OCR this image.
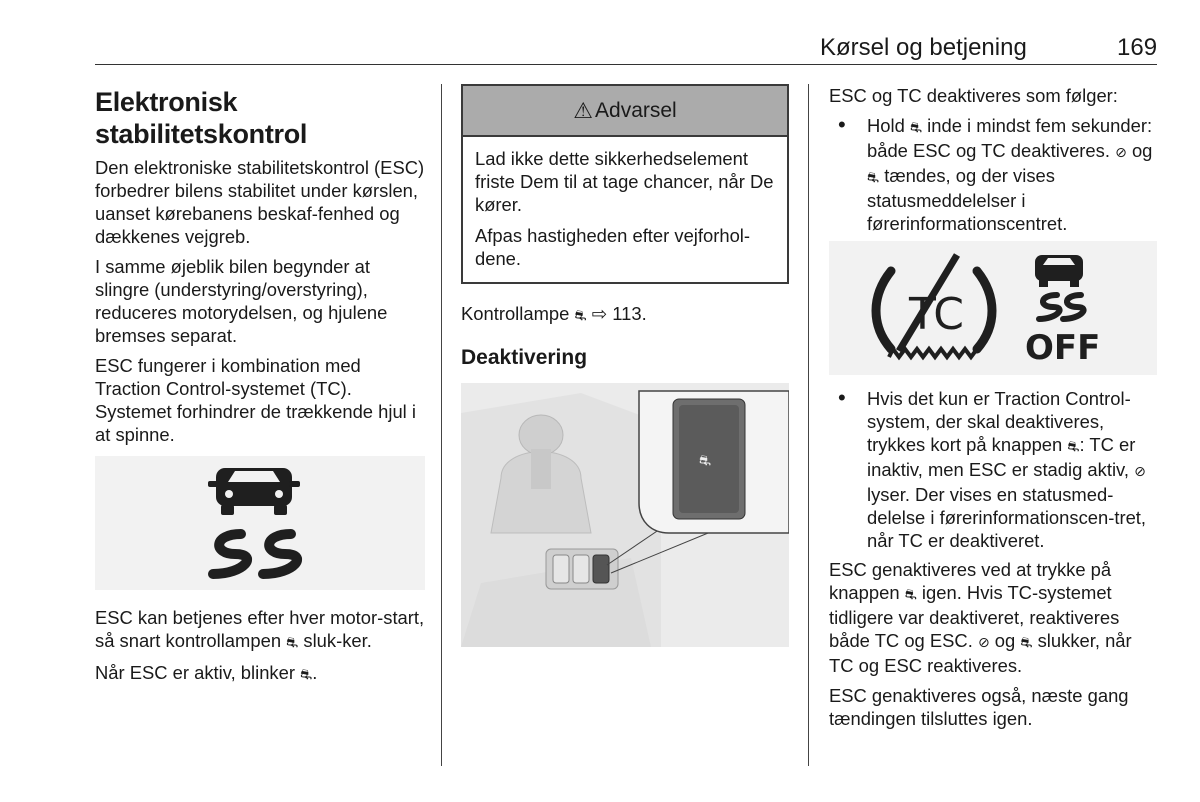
Kørsel og betjening	169
Elektronisk stabilitetskontrol

Den elektroniske stabilitetskontrol (ESC) forbedrer bilens stabilitet under kørslen, uanset kørebanens beskaf-fenhed og dækkenes vejgreb.

I samme øjeblik bilen begynder at slingre (understyring/overstyring), reduceres motorydelsen, og hjulene bremses separat.

ESC fungerer i kombination med Traction Control-systemet (TC). Systemet forhindrer de trækkende hjul i at spinne.

ESC kan betjenes efter hver motor-start, så snart kontrollampen ⛐ sluk-ker.

Når ESC er aktiv, blinker ⛐.

⚠ Advarsel

Lad ikke dette sikkerhedselement friste Dem til at tage chancer, når De kører.

Afpas hastigheden efter vejforhol-dene.

Kontrollampe ⛐ ⇨ 113.

Deaktivering
⛐

ESC og TC deaktiveres som følger:

• Hold ⛐ inde i mindst fem sekunder: både ESC og TC deaktiveres. ⊘ og ⛐ tændes, og der vises statusmeddelelser i førerinformationscentret.
TC
OFF
• Hvis det kun er Traction Control-system, der skal deaktiveres, trykkes kort på knappen ⛐: TC er inaktiv, men ESC er stadig aktiv, ⊘ lyser. Der vises en statusmed-delelse i førerinformationscen-tret, når TC er deaktiveret.

ESC genaktiveres ved at trykke på knappen ⛐ igen. Hvis TC-systemet tidligere var deaktiveret, reaktiveres både TC og ESC. ⊘ og ⛐ slukker, når TC og ESC reaktiveres.

ESC genaktiveres også, næste gang tændingen tilsluttes igen.
